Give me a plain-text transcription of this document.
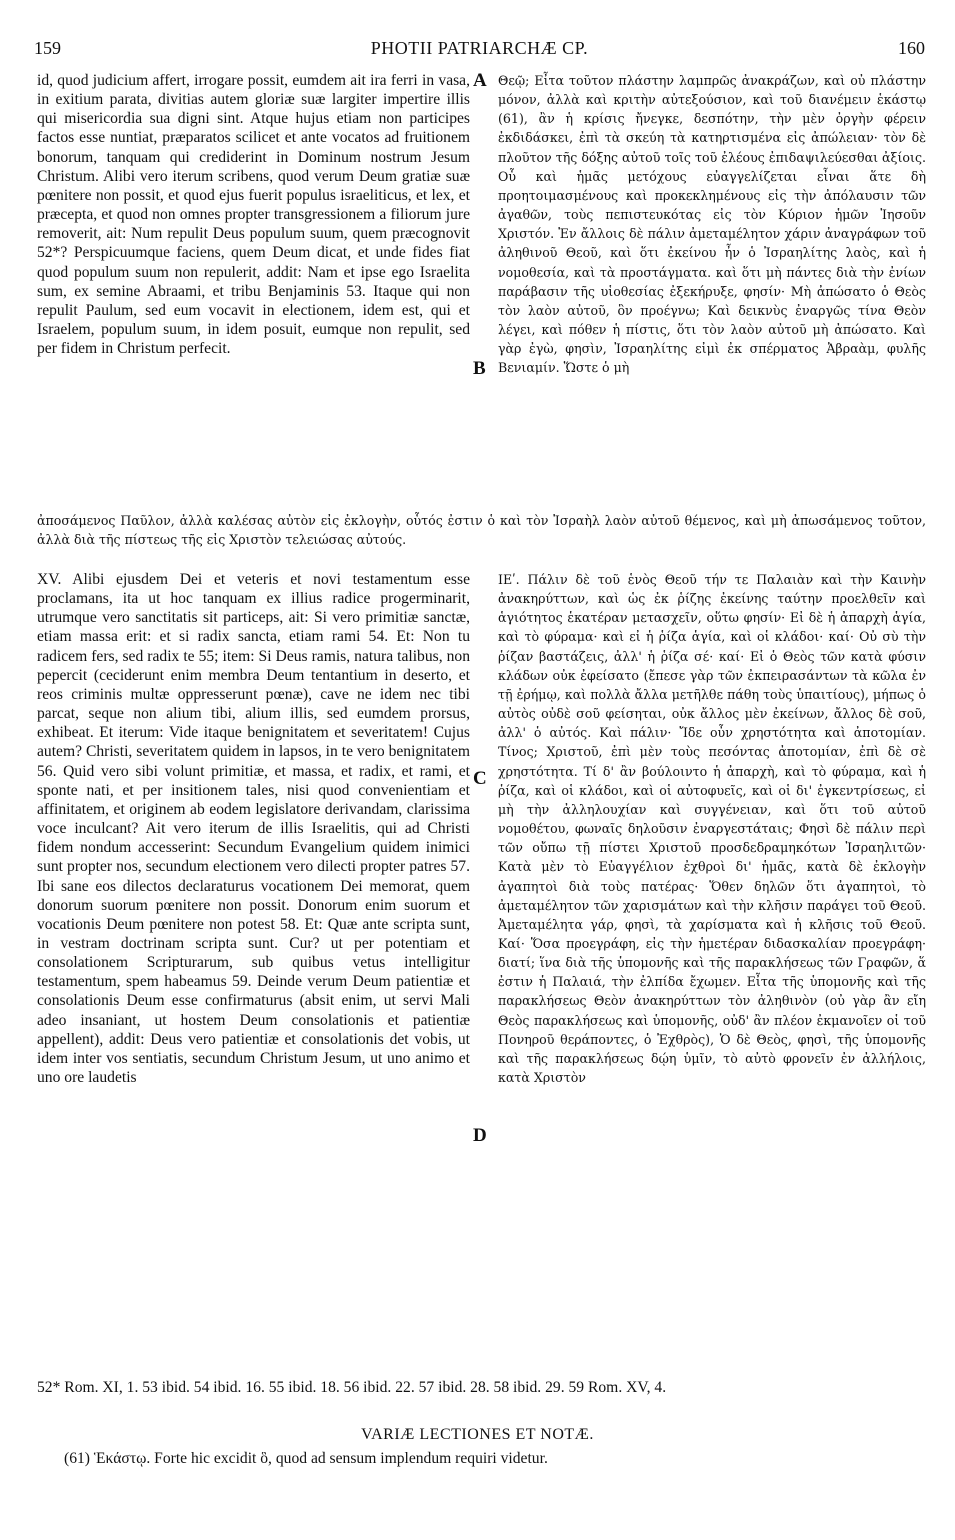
159	PHOTII PATRIARCHÆ CP.	160

id, quod judicium affert, irrogare possit, eumdem ait ira ferri in vasa, in exitium parata, divitias autem gloriæ suæ largiter impertire illis qui misericordia sua digni sint. Atque hujus etiam non participes factos esse nuntiat, præparatos scilicet et ante vocatos ad fruitionem bonorum, tanquam qui crediderint in Dominum nostrum Jesum Christum. Alibi vero iterum scribens, quod verum Deum gratiæ suæ pœnitere non possit, et quod ejus fuerit populus israeliticus, et lex, et præcepta, et quod non omnes propter transgressionem a filiorum jure removerit, ait: Num repulit Deus populum suum, quem præcognovit 52*? Perspicuumque faciens, quem Deum dicat, et unde fides fiat quod populum suum non repulerit, addit: Nam et ipse ego Israelita sum, ex semine Abraami, et tribu Benjaminis 53. Itaque qui non repulit Paulum, sed eum vocavit in electionem, idem est, qui et Israelem, populum suum, in idem posuit, eumque non repulit, sed per fidem in Christum perfecit.

Θεῷ; Εἶτα τοῦτον πλάστην λαμπρῶς ἀνακράζων, καὶ οὐ πλάστην μόνον, ἀλλὰ καὶ κριτὴν αὐτεξούσιον, καὶ τοῦ διανέμειν ἑκάστῳ (61), ἂν ἡ κρίσις ἤνεγκε, δεσπότην, τὴν μὲν ὀργὴν φέρειν ἐκδιδάσκει, ἐπὶ τὰ σκεύη τὰ κατηρτισμένα εἰς ἀπώλειαν· τὸν δὲ πλοῦτον τῆς δόξης αὐτοῦ τοῖς τοῦ ἐλέους ἐπιδαψιλεύεσθαι ἀξίοις. Οὗ καὶ ἡμᾶς μετόχους εὐαγγελίζεται εἶναι ἅτε δὴ προητοιμασμένους καὶ προκεκλημένους εἰς τὴν ἀπόλαυσιν τῶν ἀγαθῶν, τοὺς πεπιστευκότας εἰς τὸν Κύριον ἡμῶν Ἰησοῦν Χριστόν. Ἐν ἄλλοις δὲ πάλιν ἀμεταμέλητον χάριν ἀναγράφων τοῦ ἀληθινοῦ Θεοῦ, καὶ ὅτι ἐκείνου ἦν ὁ Ἰσραηλίτης λαὸς, καὶ ἡ νομοθεσία, καὶ τὰ προστάγματα. καὶ ὅτι μὴ πάντες διὰ τὴν ἐνίων παράβασιν τῆς υἱοθεσίας ἐξεκήρυξε, φησίν· Μὴ ἀπώσατο ὁ Θεὸς τὸν λαὸν αὐτοῦ, ὃν προέγνω; Καὶ δεικνὺς ἐναργῶς τίνα Θεὸν λέγει, καὶ πόθεν ἡ πίστις, ὅτι τὸν λαὸν αὐτοῦ μὴ ἀπώσατο. Καὶ γὰρ ἐγὼ, φησὶν, Ἰσραηλίτης εἰμὶ ἐκ σπέρματος Ἀβραὰμ, φυλῆς Βενιαμίν. Ὥστε ὁ μὴ

A
B

ἀποσάμενος Παῦλον, ἀλλὰ καλέσας αὐτὸν εἰς ἐκλογὴν, οὗτός ἐστιν ὁ καὶ τὸν Ἰσραὴλ λαὸν αὐτοῦ θέμενος, καὶ μὴ ἀπωσάμενος τοῦτον, ἀλλὰ διὰ τῆς πίστεως τῆς εἰς Χριστὸν τελειώσας αὐτούς.

XV. Alibi ejusdem Dei et veteris et novi testamentum esse proclamans, ita ut hoc tanquam ex illius radice progerminarit, utrumque vero sanctitatis sit particeps, ait: Si vero primitiæ sanctæ, etiam massa erit: et si radix sancta, etiam rami 54. Et: Non tu radicem fers, sed radix te 55; item: Si Deus ramis, natura talibus, non pepercit (ceciderunt enim membra Deum tentantium in deserto, et reos criminis multæ oppresserunt pœnæ), cave ne idem nec tibi parcat, seque non alium tibi, alium illis, sed eumdem prorsus, exhibeat. Et iterum: Vide itaque benignitatem et severitatem! Cujus autem? Christi, severitatem quidem in lapsos, in te vero benignitatem 56. Quid vero sibi volunt primitiæ, et massa, et radix, et rami, et sponte nati, et per insitionem tales, nisi quod convenientiam et affinitatem, et originem ab eodem legislatore derivandam, clarissima voce inculcant? Ait vero iterum de illis Israelitis, qui ad Christi fidem nondum accesserint: Secundum Evangelium quidem inimici sunt propter nos, secundum electionem vero dilecti propter patres 57. Ibi sane eos dilectos declaraturus vocationem Dei memorat, quem donorum suorum pœnitere non possit. Donorum enim suorum et vocationis Deum pœnitere non potest 58. Et: Quæ ante scripta sunt, in vestram doctrinam scripta sunt. Cur? ut per potentiam et consolationem Scripturarum, sub quibus vetus intelligitur testamentum, spem habeamus 59. Deinde verum Deum patientiæ et consolationis Deum esse confirmaturus (absit enim, ut servi Mali adeo insaniant, ut hostem Deum consolationis et patientiæ appellent), addit: Deus vero patientiæ et consolationis det vobis, ut idem inter vos sentiatis, secundum Christum Jesum, ut uno animo et uno ore laudetis

ΙΕʹ. Πάλιν δὲ τοῦ ἑνὸς Θεοῦ τήν τε Παλαιὰν καὶ τὴν Καινὴν ἀνακηρύττων, καὶ ὡς ἐκ ῥίζης ἐκείνης ταύτην προελθεῖν καὶ ἁγιότητος ἑκατέραν μετασχεῖν, οὕτω φησίν· Εἰ δὲ ἡ ἀπαρχὴ ἁγία, καὶ τὸ φύραμα· καὶ εἰ ἡ ῥίζα ἁγία, καὶ οἱ κλάδοι· καί· Οὐ σὺ τὴν ῥίζαν βαστάζεις, ἀλλ' ἡ ῥίζα σέ· καί· Εἰ ὁ Θεὸς τῶν κατὰ φύσιν κλάδων οὐκ ἐφείσατο (ἔπεσε γὰρ τῶν ἐκπειρασάντων τὰ κῶλα ἐν τῇ ἐρήμῳ, καὶ πολλὰ ἄλλα μετῆλθε πάθη τοὺς ὑπαιτίους), μήπως ὁ αὐτὸς οὐδὲ σοῦ φείσηται, οὐκ ἄλλος μὲν ἐκείνων, ἄλλος δὲ σοῦ, ἀλλ' ὁ αὐτός. Καὶ πάλιν· Ἴδε οὖν χρηστότητα καὶ ἀποτομίαν. Τίνος; Χριστοῦ, ἐπὶ μὲν τοὺς πεσόντας ἀποτομίαν, ἐπὶ δὲ σὲ χρηστότητα. Τί δ' ἂν βούλοιντο ἡ ἀπαρχὴ, καὶ τὸ φύραμα, καὶ ἡ ῥίζα, καὶ οἱ κλάδοι, καὶ οἱ αὐτοφυεῖς, καὶ οἱ δι' ἐγκεντρίσεως, εἰ μὴ τὴν ἀλληλουχίαν καὶ συγγένειαν, καὶ ὅτι τοῦ αὐτοῦ νομοθέτου, φωναῖς δηλοῦσιν ἐναργεστάταις; Φησὶ δὲ πάλιν περὶ τῶν οὔπω τῇ πίστει Χριστοῦ προσδεδραμηκότων Ἰσραηλιτῶν· Κατὰ μὲν τὸ Εὐαγγέλιον ἐχθροὶ δι' ἡμᾶς, κατὰ δὲ ἐκλογὴν ἀγαπητοὶ διὰ τοὺς πατέρας· Ὅθεν δηλῶν ὅτι ἀγαπητοὶ, τὸ ἀμεταμέλητον τῶν χαρισμάτων καὶ τὴν κλῆσιν παράγει τοῦ Θεοῦ. Ἀμεταμέλητα γάρ, φησὶ, τὰ χαρίσματα καὶ ἡ κλῆσις τοῦ Θεοῦ. Καί· Ὅσα προεγράφη, εἰς τὴν ἡμετέραν διδασκαλίαν προεγράφη· διατί; ἵνα διὰ τῆς ὑπομονῆς καὶ τῆς παρακλήσεως τῶν Γραφῶν, ἅ ἐστιν ἡ Παλαιά, τὴν ἐλπίδα ἔχωμεν. Εἶτα τῆς ὑπομονῆς καὶ τῆς παρακλήσεως Θεὸν ἀνακηρύττων τὸν ἀληθινὸν (οὐ γὰρ ἂν εἴη Θεὸς παρακλήσεως καὶ ὑπομονῆς, οὐδ' ἂν πλέον ἐκμανοῖεν οἱ τοῦ Πονηροῦ θεράποντες, ὁ Ἐχθρὸς), Ὁ δὲ Θεὸς, φησὶ, τῆς ὑπομονῆς καὶ τῆς παρακλήσεως δῴη ὑμῖν, τὸ αὐτὸ φρονεῖν ἐν ἀλλήλοις, κατὰ Χριστὸν

C
D
52* Rom. XI, 1. 53 ibid. 54 ibid. 16. 55 ibid. 18. 56 ibid. 22. 57 ibid. 28. 58 ibid. 29. 59 Rom. XV, 4.
VARIÆ LECTIONES ET NOTÆ.
(61) Ἑκάστῳ. Forte hic excidit ὃ, quod ad sensum implendum requiri videtur.
